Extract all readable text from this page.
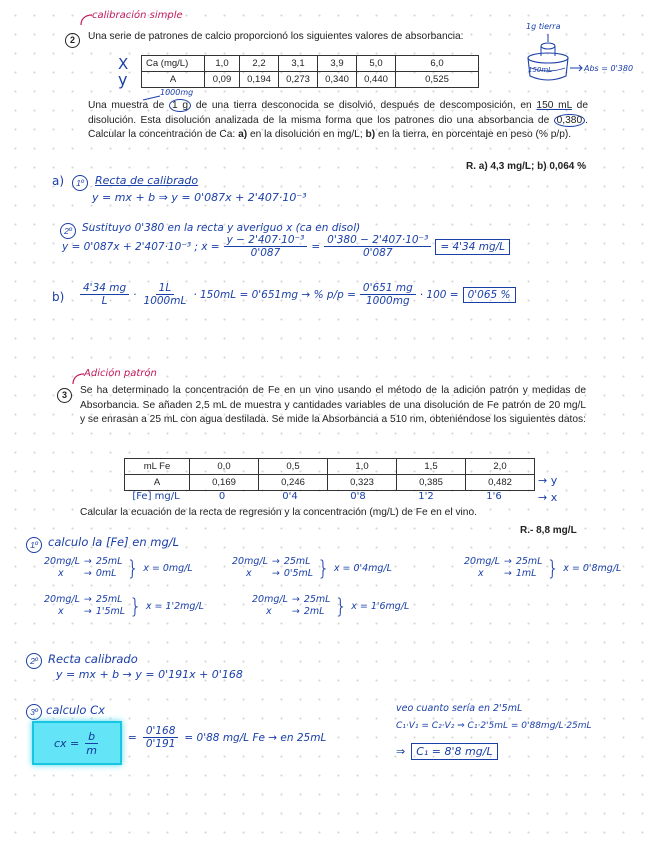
calibración simple
2	Una serie de patrones de calcio proporcionó los siguientes valores de absorbancia:
X
y
Ca (mg/L)	1,0	2,2	3,1	3,9	5,0	6,0
A	0,09	0,194	0,273	0,340	0,440	0,525
1g tierra
150mL	Abs = 0'380
Una muestra de 1 g de una tierra desconocida se disolvió, después de descomposición, en 150 mL de disolución. Esta disolución analizada de la misma forma que los patrones dio una absorbancia de 0,380 . Calcular la concentración de Ca: a) en la disolución en mg/L; b) en la tierra, en porcentaje en peso (% p/p).
1000mg
R. a) 4,3 mg/L; b) 0,064 %
a)	1º	Recta de calibrado
y = mx + b ⇒ y = 0'087x + 2'407·10⁻³
2º Sustituyo 0'380 en la recta y averiguo x (ca en disol)
y = 0'087x + 2'407·10⁻³ ; $x = \frac{\text{y − 2'407·10⁻³}}{0'087} = \frac{\text{0'380 − 2'407·10⁻³}}{0'087} = 4'34$ mg/L
$b) \frac{4'34 mg}{L} \cdot \frac{1L}{1000mL} \cdot 150mL = 0'651mg$ → % $p/p = \frac{0'651 mg}{1000mg} \cdot 100 = 0'065$ %
Adición patrón
3	Se ha determinado la concentración de Fe en un vino usando el método de la adición patrón y medidas de Absorbancia. Se añaden 2,5 mL de muestra y cantidades variables de una disolución de Fe patrón de 20 mg/L y se enrasan a 25 mL con agua destilada. Se mide la Absorbancia a 510 nm, obteniéndose los siguientes datos:
mL Fe	0,0	0,5	1,0	1,5	2,0
A	0,169	0,246	0,323	0,385	0,482 → y
[Fe] mg/L	0	0'4	0'8	1'2	1'6	→ x
Calcular la ecuación de la recta de regresión y la concentración (mg/L) de Fe en el vino.
R.- 8,8 mg/L
1º calculo la [Fe] en mg/L
20mg/L
x
→
→
25mL
0mL } x = 0mg/L
20mg/L
x
→
→
25mL
0'5mL } x = 0'4mg/L
20mg/L
x
→
→
25mL
1mL } x = 0'8mg/L
20mg/L
x
→
→
25mL
1'5mL } x = 1'2mg/L
20mg/L
x
→
→
25mL
2mL } x = 1'6mg/L
2º Recta calibrado
y = mx + b → y = 0'191x + 0'168
3º calculo Cx
cx = $\frac{b}{m}$	= $\frac{0'168}{0'191} = 0'88$ mg/L Fe → en 25mL
veo cuanto sería en 2'5mL
C₁·V₁ = C₂·V₂ ⇒ C₁·2'5mL = 0'88mg/L·25mL
⇒	C₁ = 8'8 mg/L
